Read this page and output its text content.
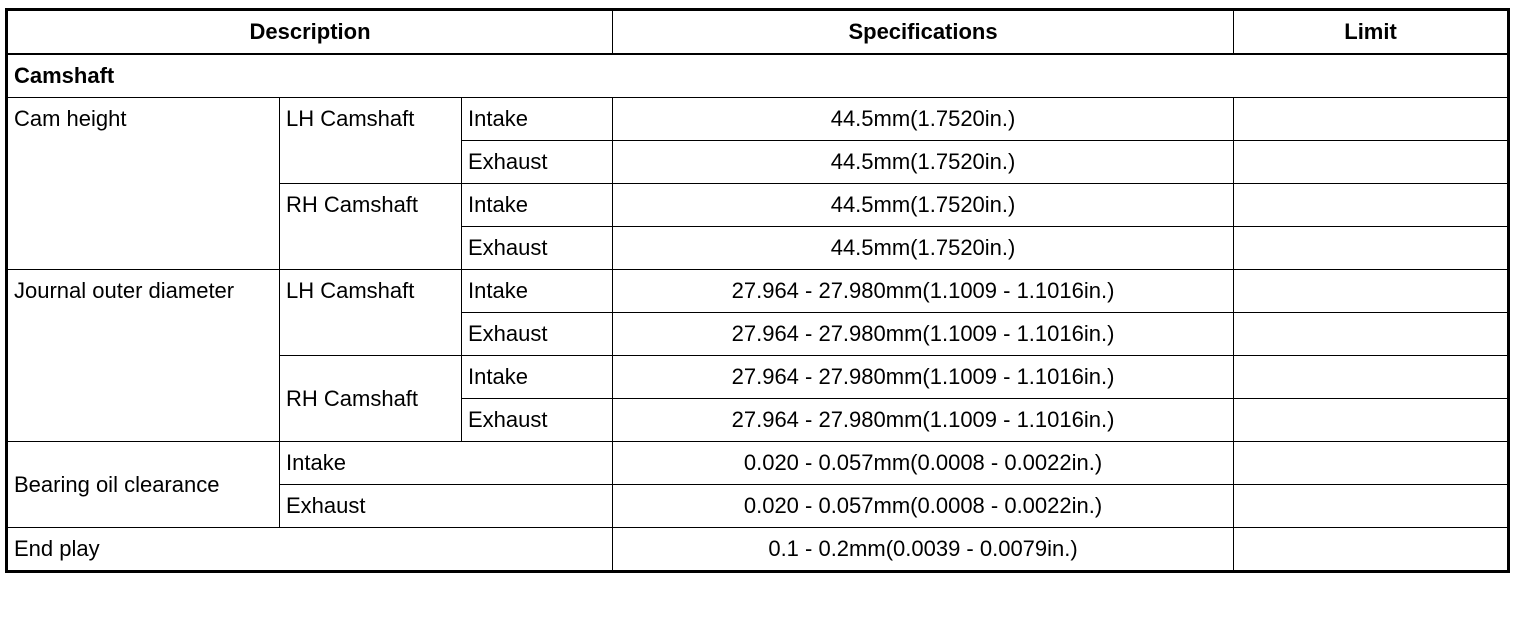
Description			Specifications	Limit
Camshaft				
Cam height	LH Camshaft	Intake	44.5mm(1.7520in.)	
		Exhaust	44.5mm(1.7520in.)	
	RH Camshaft	Intake	44.5mm(1.7520in.)	
		Exhaust	44.5mm(1.7520in.)	
Journal outer diameter	LH Camshaft	Intake	27.964 - 27.980mm(1.1009 - 1.1016in.)	
		Exhaust	27.964 - 27.980mm(1.1009 - 1.1016in.)	
	RH Camshaft	Intake	27.964 - 27.980mm(1.1009 - 1.1016in.)	
		Exhaust	27.964 - 27.980mm(1.1009 - 1.1016in.)	
Bearing oil clearance	Intake		0.020 - 0.057mm(0.0008 - 0.0022in.)	
	Exhaust		0.020 - 0.057mm(0.0008 - 0.0022in.)	
End play			0.1 - 0.2mm(0.0039 - 0.0079in.)	
